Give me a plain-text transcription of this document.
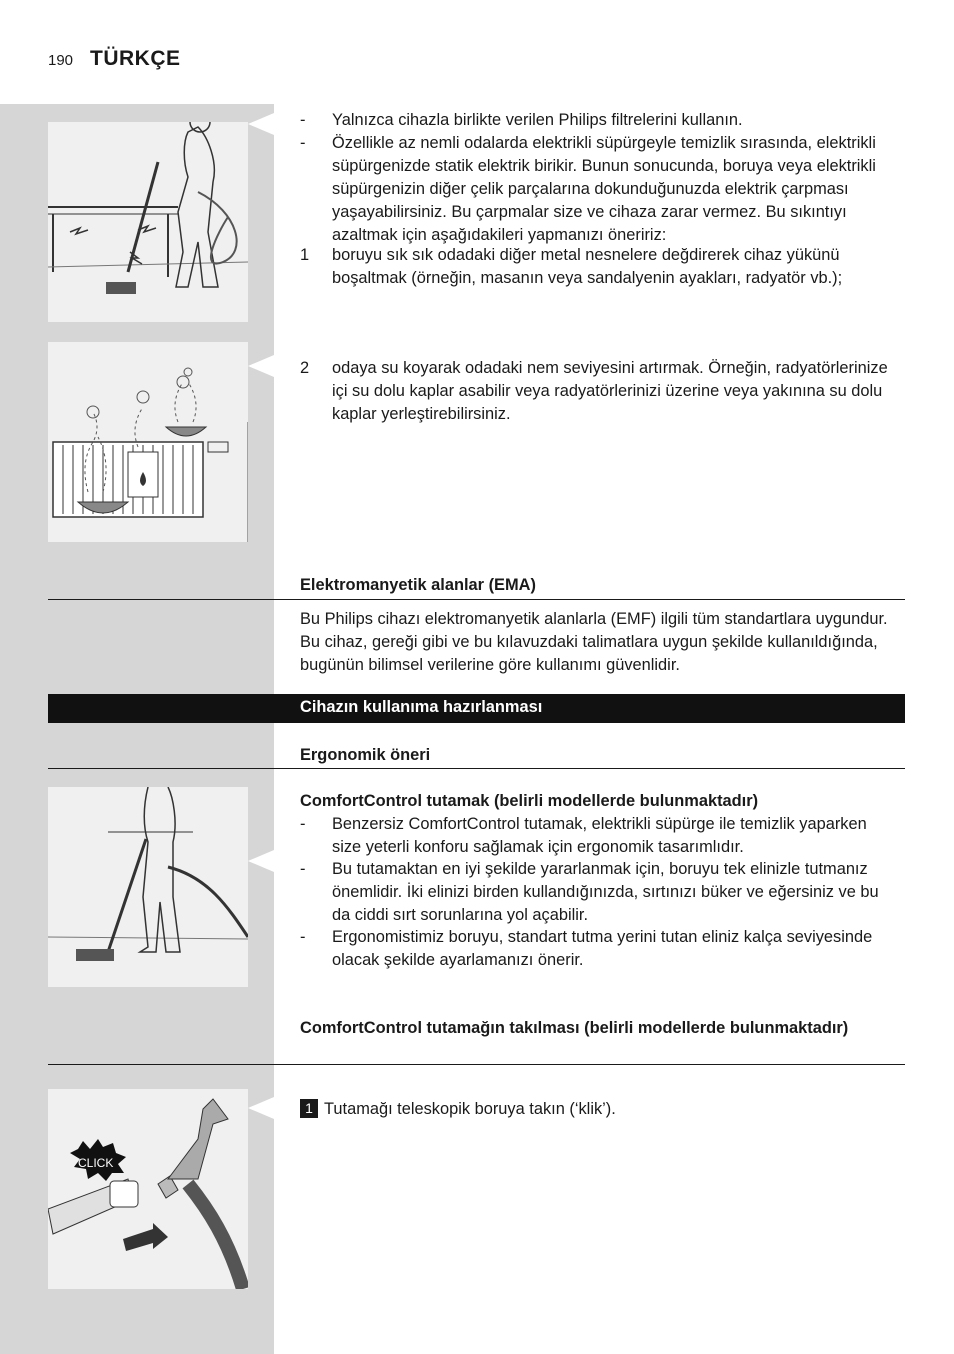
190 TÜRKÇE
-	Yalnızca cihazla birlikte verilen Philips filtrelerini kullanın.
-	Özellikle az nemli odalarda elektrikli süpürgeyle temizlik sırasında, elektrikli süpürgenizde statik elektrik birikir. Bunun sonucunda, boruya veya elektrikli süpürgenizin diğer çelik parçalarına dokunduğunuzda elektrik çarpması yaşayabilirsiniz. Bu çarpmalar size ve cihaza zarar vermez. Bu sıkıntıyı azaltmak için aşağıdakileri yapmanızı öneririz:
1	boruyu sık sık odadaki diğer metal nesnelere değdirerek cihaz yükünü boşaltmak (örneğin, masanın veya sandalyenin ayakları, radyatör vb.);
2	odaya su koyarak odadaki nem seviyesini artırmak. Örneğin, radyatörlerinize içi su dolu kaplar asabilir veya radyatörlerinizi üzerine veya yakınına su dolu kaplar yerleştirebilirsiniz.
Elektromanyetik alanlar (EMA)
Bu Philips cihazı elektromanyetik alanlarla (EMF) ilgili tüm standartlara uygundur. Bu cihaz, gereği gibi ve bu kılavuzdaki talimatlara uygun şekilde kullanıldığında, bugünün bilimsel verilerine göre kullanımı güvenlidir.
Cihazın kullanıma hazırlanması
Ergonomik öneri
ComfortControl tutamak (belirli modellerde bulunmaktadır)
-	Benzersiz ComfortControl tutamak, elektrikli süpürge ile temizlik yaparken size yeterli konforu sağlamak için ergonomik tasarımlıdır.
-	Bu tutamaktan en iyi şekilde yararlanmak için, boruyu tek elinizle tutmanız önemlidir. İki elinizi birden kullandığınızda, sırtınızı büker ve eğersiniz ve bu da ciddi sırt sorunlarına yol açabilir.
-	Ergonomistimiz boruyu, standart tutma yerini tutan eliniz kalça seviyesinde olacak şekilde ayarlamanızı önerir.
ComfortControl tutamağın takılması (belirli modellerde bulunmaktadır)
CLICK
1 Tutamağı teleskopik boruya takın (‘klik’).
